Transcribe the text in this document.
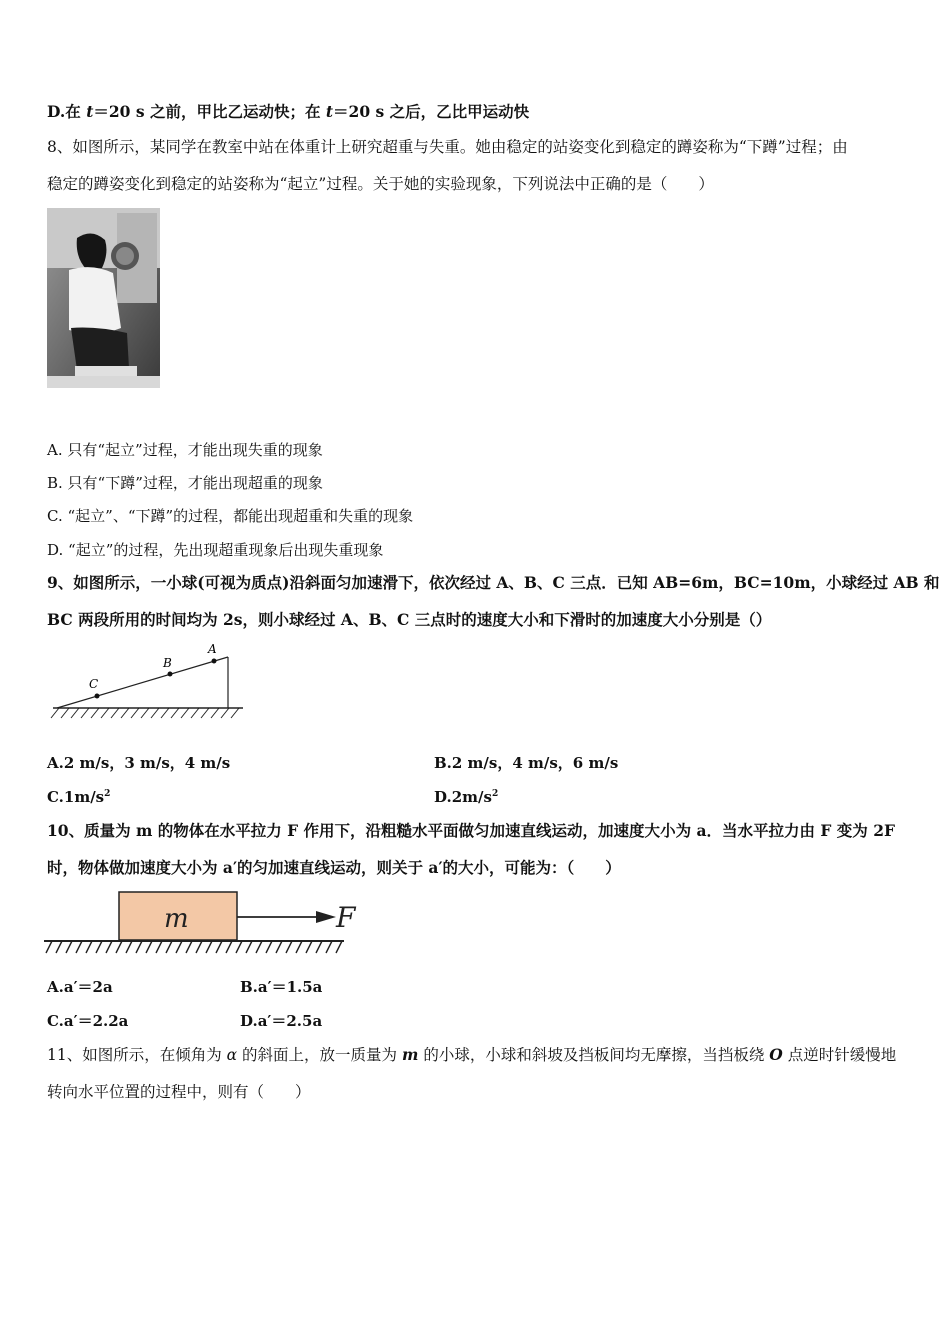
D.在 t＝20 s 之前，甲比乙运动快；在 t＝20 s 之后，乙比甲运动快
8、如图所示，某同学在教室中站在体重计上研究超重与失重。她由稳定的站姿变化到稳定的蹲姿称为“下蹲”过程；由
稳定的蹲姿变化到稳定的站姿称为“起立”过程。关于她的实验现象，下列说法中正确的是（　　）
A. 只有“起立”过程，才能出现失重的现象
B. 只有“下蹲”过程，才能出现超重的现象
C. “起立”、“下蹲”的过程，都能出现超重和失重的现象
D. “起立”的过程，先出现超重现象后出现失重现象
9、如图所示，一小球(可视为质点)沿斜面匀加速滑下，依次经过 A、B、C 三点．已知 AB=6m，BC=10m，小球经过 AB 和
BC 两段所用的时间均为 2s，则小球经过 A、B、C 三点时的速度大小和下滑时的加速度大小分别是（）
A
B
C
A.2 m/s，3 m/s，4 m/s	B.2 m/s，4 m/s，6 m/s
$C.1m/s^2$	$D.2m/s^2$
10、质量为 m 的物体在水平拉力 F 作用下，沿粗糙水平面做匀加速直线运动，加速度大小为 a．当水平拉力由 F 变为 2F
时，物体做加速度大小为 a′的匀加速直线运动，则关于 a′的大小，可能为：（　　）
m	F
A.a′＝2a	B.a′＝1.5a
C.a′＝2.2a	D.a′＝2.5a
11、如图所示，在倾角为 α 的斜面上，放一质量为 m 的小球，小球和斜坡及挡板间均无摩擦，当挡板绕 O 点逆时针缓慢地
转向水平位置的过程中，则有（　　）
